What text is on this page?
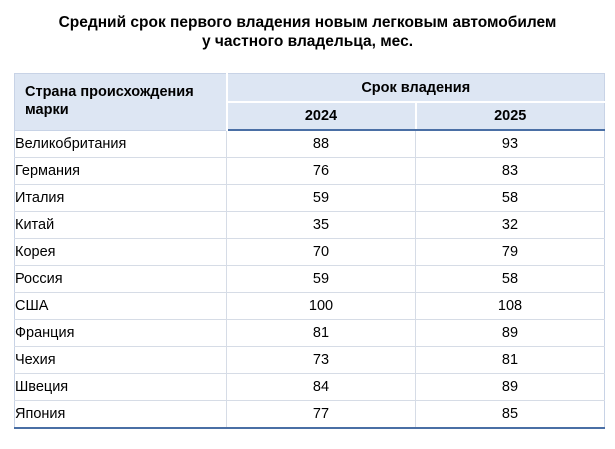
Средний срок первого владения новым легковым автомобилем
у частного владельца, мес.
Страна происхождения марки	Срок владения	
	2024	2025
Великобритания	88	93
Германия	76	83
Италия	59	58
Китай	35	32
Корея	70	79
Россия	59	58
США	100	108
Франция	81	89
Чехия	73	81
Швеция	84	89
Япония	77	85
